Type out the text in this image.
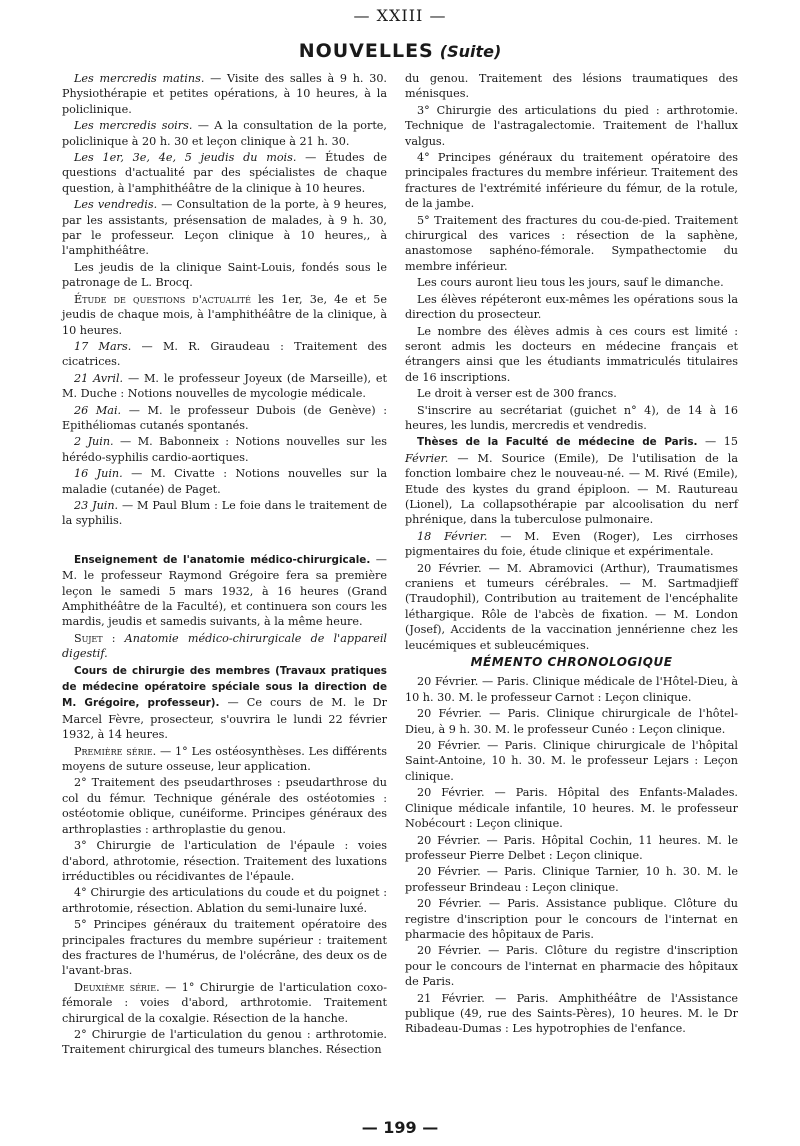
— XXIII —
NOUVELLES (Suite)

Les mercredis matins. — Visite des salles à 9 h. 30. Physiothérapie et petites opérations, à 10 heures, à la policlinique.

Les mercredis soirs. — A la consultation de la porte, policlinique à 20 h. 30 et leçon clinique à 21 h. 30.

Les 1er, 3e, 4e, 5 jeudis du mois. — Études de questions d'actualité par des spécialistes de chaque question, à l'amphithéâtre de la clinique à 10 heures.

Les vendredis. — Consultation de la porte, à 9 heures, par les assistants, présensation de malades, à 9 h. 30, par le professeur. Leçon clinique à 10 heures,, à l'amphithéâtre.

Les jeudis de la clinique Saint-Louis, fondés sous le patronage de L. Brocq.

Étude de questions d'actualité les 1er, 3e, 4e et 5e jeudis de chaque mois, à l'amphithéâtre de la clinique, à 10 heures.

17 Mars. — M. R. Giraudeau : Traitement des cicatrices.

21 Avril. — M. le professeur Joyeux (de Marseille), et M. Duche : Notions nouvelles de mycologie médicale.

26 Mai. — M. le professeur Dubois (de Genève) : Epithéliomas cutanés spontanés.

2 Juin. — M. Babonneix : Notions nouvelles sur les hérédo-syphilis cardio-aortiques.

16 Juin. — M. Civatte : Notions nouvelles sur la maladie (cutanée) de Paget.

23 Juin. — M Paul Blum : Le foie dans le traitement de la syphilis.

Enseignement de l'anatomie médico-chirurgicale. — M. le professeur Raymond Grégoire fera sa première leçon le samedi 5 mars 1932, à 16 heures (Grand Amphithéâtre de la Faculté), et continuera son cours les mardis, jeudis et samedis suivants, à la même heure.

Sujet : Anatomie médico-chirurgicale de l'appareil digestif.

Cours de chirurgie des membres (Travaux pratiques de médecine opératoire spéciale sous la direction de M. Grégoire, professeur). — Ce cours de M. le Dr Marcel Fèvre, prosecteur, s'ouvrira le lundi 22 février 1932, à 14 heures.

Première série. — 1° Les ostéosynthèses. Les différents moyens de suture osseuse, leur application.

2° Traitement des pseudarthroses : pseudarthrose du col du fémur. Technique générale des ostéotomies : ostéotomie oblique, cunéiforme. Principes généraux des arthroplasties : arthroplastie du genou.

3° Chirurgie de l'articulation de l'épaule : voies d'abord, athrotomie, résection. Traitement des luxations irréductibles ou récidivantes de l'épaule.

4° Chirurgie des articulations du coude et du poignet : arthrotomie, résection. Ablation du semi-lunaire luxé.

5° Principes généraux du traitement opératoire des principales fractures du membre supérieur : traitement des fractures de l'humérus, de l'olécrâne, des deux os de l'avant-bras.

Deuxième série. — 1° Chirurgie de l'articulation coxo-fémorale : voies d'abord, arthrotomie. Traitement chirurgical de la coxalgie. Résection de la hanche.

2° Chirurgie de l'articulation du genou : arthrotomie. Traitement chirurgical des tumeurs blanches. Résection

du genou. Traitement des lésions traumatiques des ménisques.

3° Chirurgie des articulations du pied : arthrotomie. Technique de l'astragalectomie. Traitement de l'hallux valgus.

4° Principes généraux du traitement opératoire des principales fractures du membre inférieur. Traitement des fractures de l'extrémité inférieure du fémur, de la rotule, de la jambe.

5° Traitement des fractures du cou-de-pied. Traitement chirurgical des varices : résection de la saphène, anastomose saphéno-fémorale. Sympathectomie du membre inférieur.

Les cours auront lieu tous les jours, sauf le dimanche.

Les élèves répéteront eux-mêmes les opérations sous la direction du prosecteur.

Le nombre des élèves admis à ces cours est limité : seront admis les docteurs en médecine français et étrangers ainsi que les étudiants immatriculés titulaires de 16 inscriptions.

Le droit à verser est de 300 francs.

S'inscrire au secrétariat (guichet n° 4), de 14 à 16 heures, les lundis, mercredis et vendredis.

Thèses de la Faculté de médecine de Paris. — 15 Février. — M. Sourice (Emile), De l'utilisation de la fonction lombaire chez le nouveau-né. — M. Rivé (Emile), Etude des kystes du grand épiploon. — M. Rautureau (Lionel), La collapsothérapie par alcoolisation du nerf phrénique, dans la tuberculose pulmonaire.

18 Février. — M. Even (Roger), Les cirrhoses pigmentaires du foie, étude clinique et expérimentale.

20 Février. — M. Abramovici (Arthur), Traumatismes craniens et tumeurs cérébrales. — M. Sartmadjieff (Traudophil), Contribution au traitement de l'encéphalite léthargique. Rôle de l'abcès de fixation. — M. London (Josef), Accidents de la vaccination jennérienne chez les leucémiques et subleucémiques.

MÉMENTO CHRONOLOGIQUE

20 Février. — Paris. Clinique médicale de l'Hôtel-Dieu, à 10 h. 30. M. le professeur Carnot : Leçon clinique.

20 Février. — Paris. Clinique chirurgicale de l'hôtel-Dieu, à 9 h. 30. M. le professeur Cunéo : Leçon clinique.

20 Février. — Paris. Clinique chirurgicale de l'hôpital Saint-Antoine, 10 h. 30. M. le professeur Lejars : Leçon clinique.

20 Février. — Paris. Hôpital des Enfants-Malades. Clinique médicale infantile, 10 heures. M. le professeur Nobécourt : Leçon clinique.

20 Février. — Paris. Hôpital Cochin, 11 heures. M. le professeur Pierre Delbet : Leçon clinique.

20 Février. — Paris. Clinique Tarnier, 10 h. 30. M. le professeur Brindeau : Leçon clinique.

20 Février. — Paris. Assistance publique. Clôture du registre d'inscription pour le concours de l'internat en pharmacie des hôpitaux de Paris.

20 Février. — Paris. Clôture du registre d'inscription pour le concours de l'internat en pharmacie des hôpitaux de Paris.

21 Février. — Paris. Amphithéâtre de l'Assistance publique (49, rue des Saints-Pères), 10 heures. M. le Dr Ribadeau-Dumas : Les hypotrophies de l'enfance.

— 199 —
